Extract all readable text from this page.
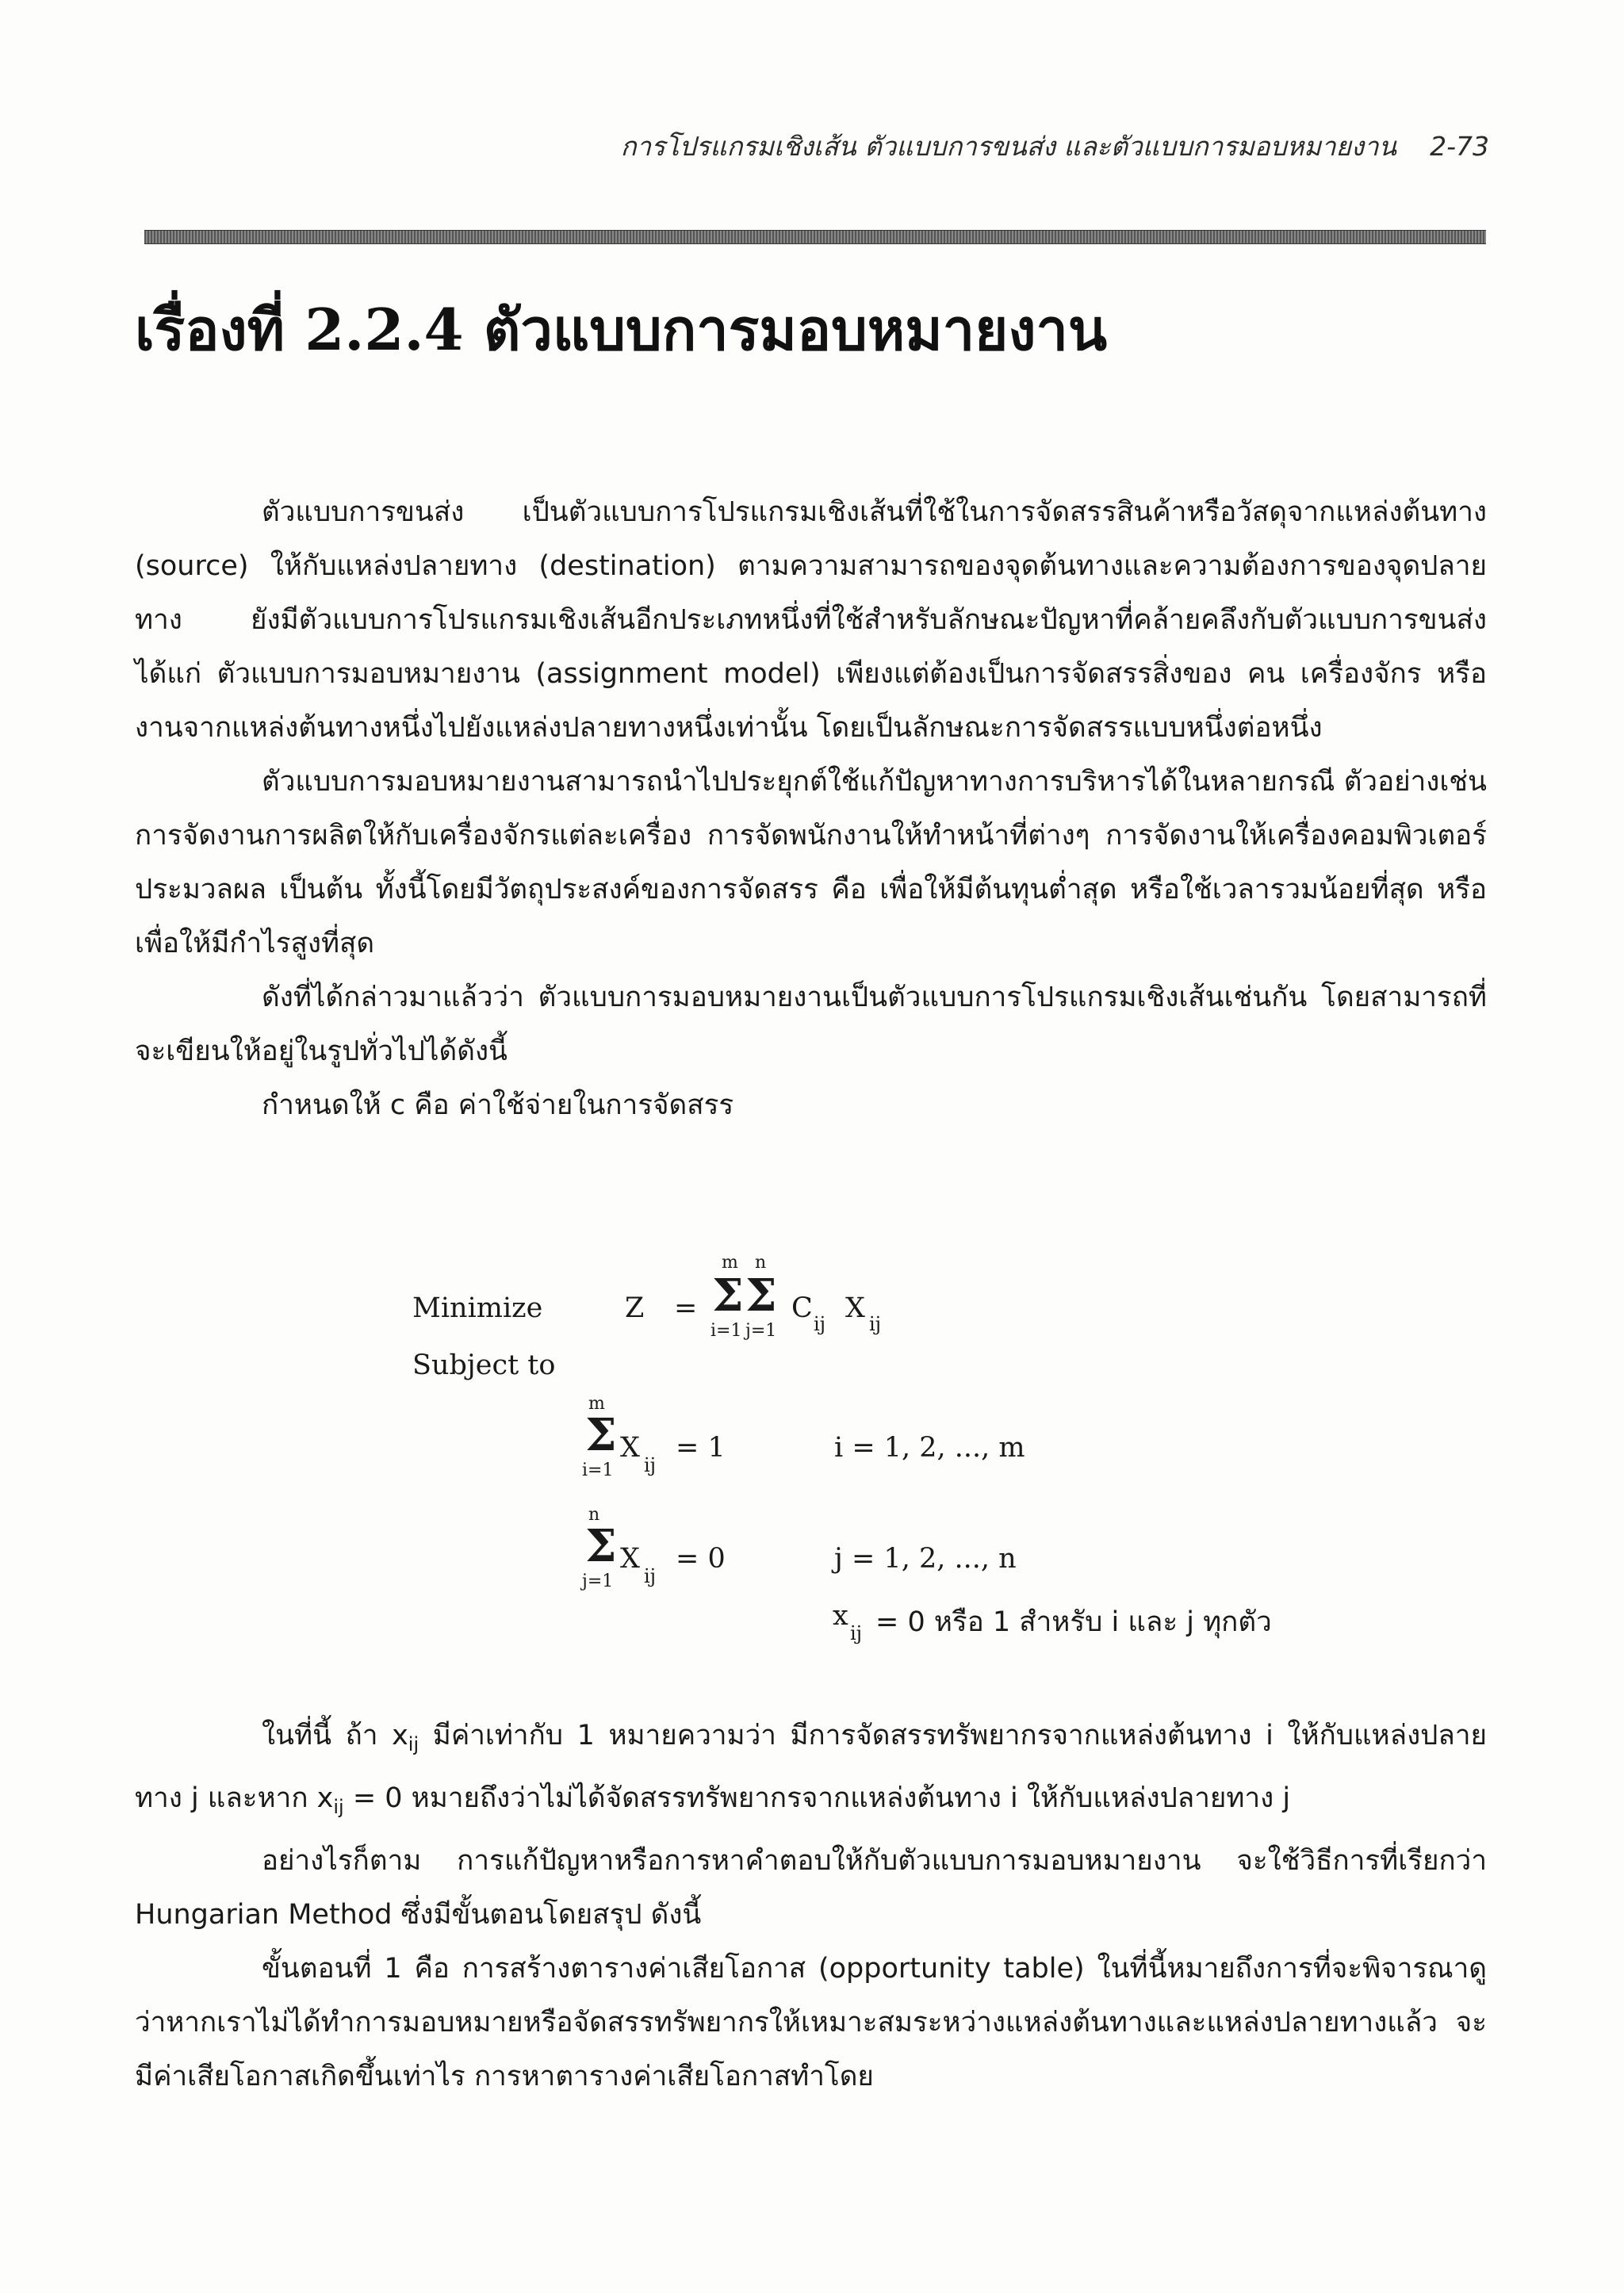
การโปรแกรมเชิงเส้น ตัวแบบการขนส่ง และตัวแบบการมอบหมายงาน 2-73
เรื่องที่ 2.2.4 ตัวแบบการมอบหมายงาน

ตัวแบบการขนส่ง เป็นตัวแบบการโปรแกรมเชิงเส้นที่ใช้ในการจัดสรรสินค้าหรือวัสดุจากแหล่งต้นทาง (source) ให้กับแหล่งปลายทาง (destination) ตามความสามารถของจุดต้นทางและความต้องการของจุดปลายทาง ยังมีตัวแบบการโปรแกรมเชิงเส้นอีกประเภทหนึ่งที่ใช้สำหรับลักษณะปัญหาที่คล้ายคลึงกับตัวแบบการขนส่ง ได้แก่ ตัวแบบการมอบหมายงาน (assignment model) เพียงแต่ต้องเป็นการจัดสรรสิ่งของ คน เครื่องจักร หรืองานจากแหล่งต้นทางหนึ่งไปยังแหล่งปลายทางหนึ่งเท่านั้น โดยเป็นลักษณะการจัดสรรแบบหนึ่งต่อหนึ่ง

ตัวแบบการมอบหมายงานสามารถนำไปประยุกต์ใช้แก้ปัญหาทางการบริหารได้ในหลายกรณี ตัวอย่างเช่น การจัดงานการผลิตให้กับเครื่องจักรแต่ละเครื่อง การจัดพนักงานให้ทำหน้าที่ต่างๆ การจัดงานให้เครื่องคอมพิวเตอร์ประมวลผล เป็นต้น ทั้งนี้โดยมีวัตถุประสงค์ของการจัดสรร คือ เพื่อให้มีต้นทุนต่ำสุด หรือใช้เวลารวมน้อยที่สุด หรือเพื่อให้มีกำไรสูงที่สุด

ดังที่ได้กล่าวมาแล้วว่า ตัวแบบการมอบหมายงานเป็นตัวแบบการโปรแกรมเชิงเส้นเช่นกัน โดยสามารถที่จะเขียนให้อยู่ในรูปทั่วไปได้ดังนี้

กำหนดให้ c คือ ค่าใช้จ่ายในการจัดสรร

Minimize	Z =
m n
Σ Σ
i=1 j=1
C ij X ij
Subject to
m
Σ
i=1
X
ij
= 1	i = 1, 2, ..., m
n
Σ
j=1
X
ij
= 0	j = 1, 2, ..., n
x
ij = 0 หรือ 1 สำหรับ i และ j ทุกตัว

ในที่นี้ ถ้า $x_{ij}$ มีค่าเท่ากับ 1 หมายความว่า มีการจัดสรรทรัพยากรจากแหล่งต้นทาง i ให้กับแหล่งปลายทาง j และหาก $x_{ij} = 0$ หมายถึงว่าไม่ได้จัดสรรทรัพยากรจากแหล่งต้นทาง i ให้กับแหล่งปลายทาง j

อย่างไรก็ตาม การแก้ปัญหาหรือการหาคำตอบให้กับตัวแบบการมอบหมายงาน จะใช้วิธีการที่เรียกว่า Hungarian Method ซึ่งมีขั้นตอนโดยสรุป ดังนี้

ขั้นตอนที่ 1 คือ การสร้างตารางค่าเสียโอกาส (opportunity table) ในที่นี้หมายถึงการที่จะพิจารณาดูว่าหากเราไม่ได้ทำการมอบหมายหรือจัดสรรทรัพยากรให้เหมาะสมระหว่างแหล่งต้นทางและแหล่งปลายทางแล้ว จะมีค่าเสียโอกาสเกิดขึ้นเท่าไร การหาตารางค่าเสียโอกาสทำโดย
